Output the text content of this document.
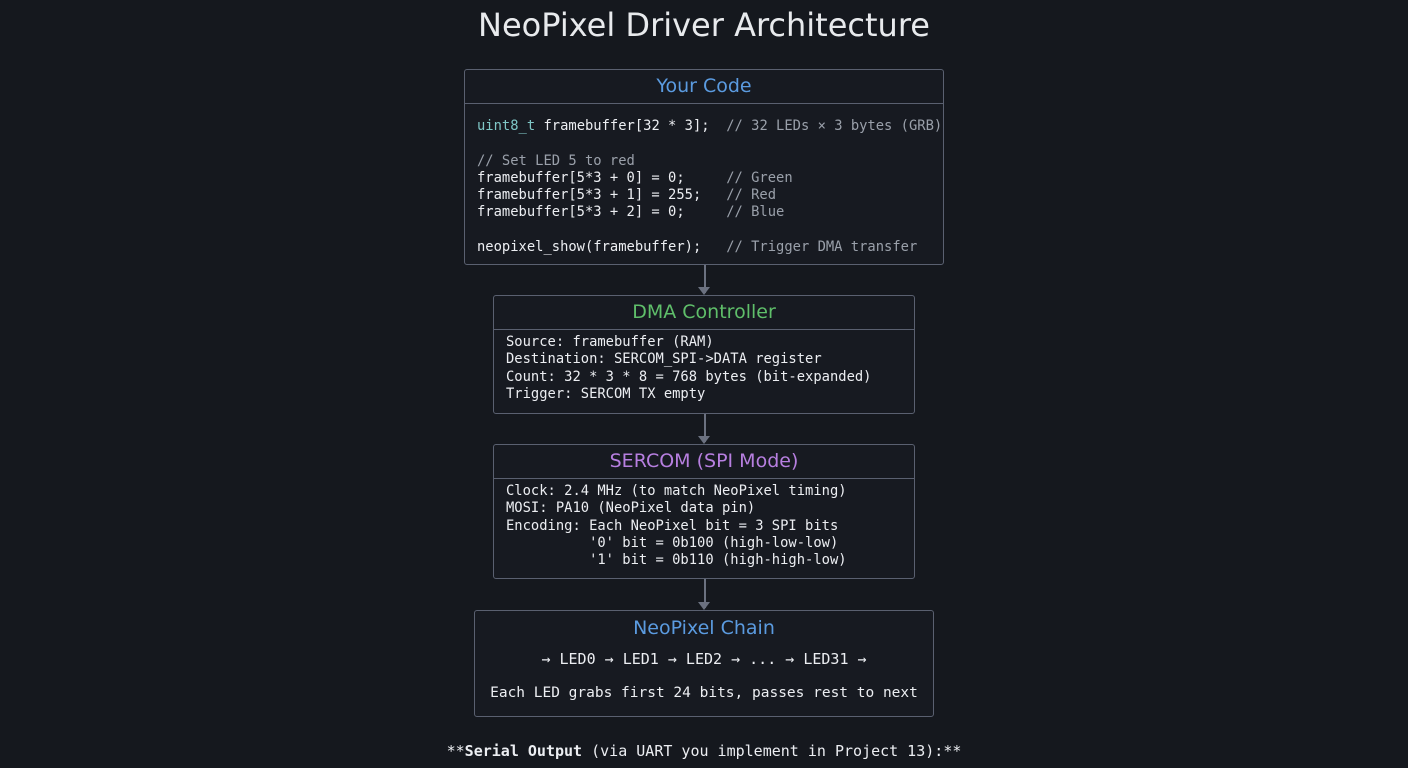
NeoPixel Driver Architecture
Your Code
uint8_t framebuffer[32 * 3];  // 32 LEDs × 3 bytes (GRB)
// Set LED 5 to red
framebuffer[5*3 + 0] = 0;     // Green
framebuffer[5*3 + 1] = 255;   // Red
framebuffer[5*3 + 2] = 0;     // Blue
neopixel_show(framebuffer);   // Trigger DMA transfer
DMA Controller
Source: framebuffer (RAM)
Destination: SERCOM_SPI->DATA register
Count: 32 * 3 * 8 = 768 bytes (bit-expanded)
Trigger: SERCOM TX empty
SERCOM (SPI Mode)
Clock: 2.4 MHz (to match NeoPixel timing)
MOSI: PA10 (NeoPixel data pin)
Encoding: Each NeoPixel bit = 3 SPI bits
'0' bit = 0b100 (high-low-low)
'1' bit = 0b110 (high-high-low)
NeoPixel Chain
→ LED0 → LED1 → LED2 → ... → LED31 →
Each LED grabs first 24 bits, passes rest to next
**Serial Output (via UART you implement in Project 13):**
